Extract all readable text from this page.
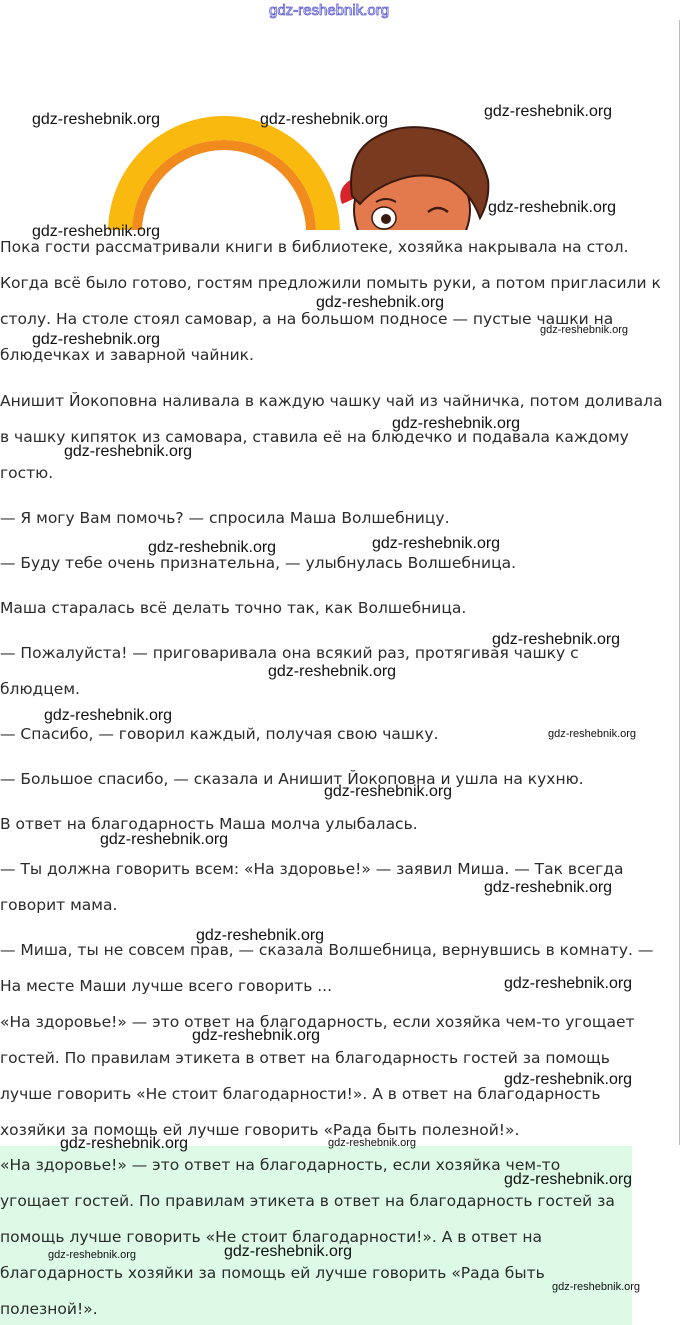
gdz-reshebnik.org
gdz-reshebnik.org	gdz-reshebnik.org	gdz-reshebnik.org
gdz-reshebnik.org
gdz-reshebnik.org
gdz-reshebnik.org
gdz-reshebnik.org
gdz-reshebnik.org
gdz-reshebnik.org
gdz-reshebnik.org
gdz-reshebnik.org	gdz-reshebnik.org
gdz-reshebnik.org
gdz-reshebnik.org
gdz-reshebnik.org
gdz-reshebnik.org
gdz-reshebnik.org
gdz-reshebnik.org
gdz-reshebnik.org
gdz-reshebnik.org
gdz-reshebnik.org
gdz-reshebnik.org
gdz-reshebnik.org

Пока гости рассматривали книги в библиотеке, хозяйка накрывала на стол.

Когда всё было готово, гостям предложили помыть руки, а потом пригласили к

столу. На столе стоял самовар, а на большом подносе — пустые чашки на

блюдечках и заварной чайник.

Анишит Йокоповна наливала в каждую чашку чай из чайничка, потом доливала

в чашку кипяток из самовара, ставила её на блюдечко и подавала каждому

гостю.

— Я могу Вам помочь? — спросила Маша Волшебницу.

— Буду тебе очень признательна, — улыбнулась Волшебница.

Маша старалась всё делать точно так, как Волшебница.

— Пожалуйста! — приговаривала она всякий раз, протягивая чашку с

блюдцем.

— Спасибо, — говорил каждый, получая свою чашку.

— Большое спасибо, — сказала и Анишит Йокоповна и ушла на кухню.

В ответ на благодарность Маша молча улыбалась.

— Ты должна говорить всем: «На здоровье!» — заявил Миша. — Так всегда

говорит мама.

— Миша, ты не совсем прав, — сказала Волшебница, вернувшись в комнату. —

На месте Маши лучше всего говорить ...

«На здоровье!» — это ответ на благодарность, если хозяйка чем-то угощает

гостей. По правилам этикета в ответ на благодарность гостей за помощь

лучше говорить «Не стоит благодарности!». А в ответ на благодарность

хозяйки за помощь ей лучше говорить «Рада быть полезной!».

«На здоровье!» — это ответ на благодарность, если хозяйка чем-то

угощает гостей. По правилам этикета в ответ на благодарность гостей за

помощь лучше говорить «Не стоит благодарности!». А в ответ на

благодарность хозяйки за помощь ей лучше говорить «Рада быть

полезной!».

gdz-reshebnik.org	gdz-reshebnik.org
gdz-reshebnik.org
gdz-reshebnik.org
gdz-reshebnik.org
gdz-reshebnik.org
